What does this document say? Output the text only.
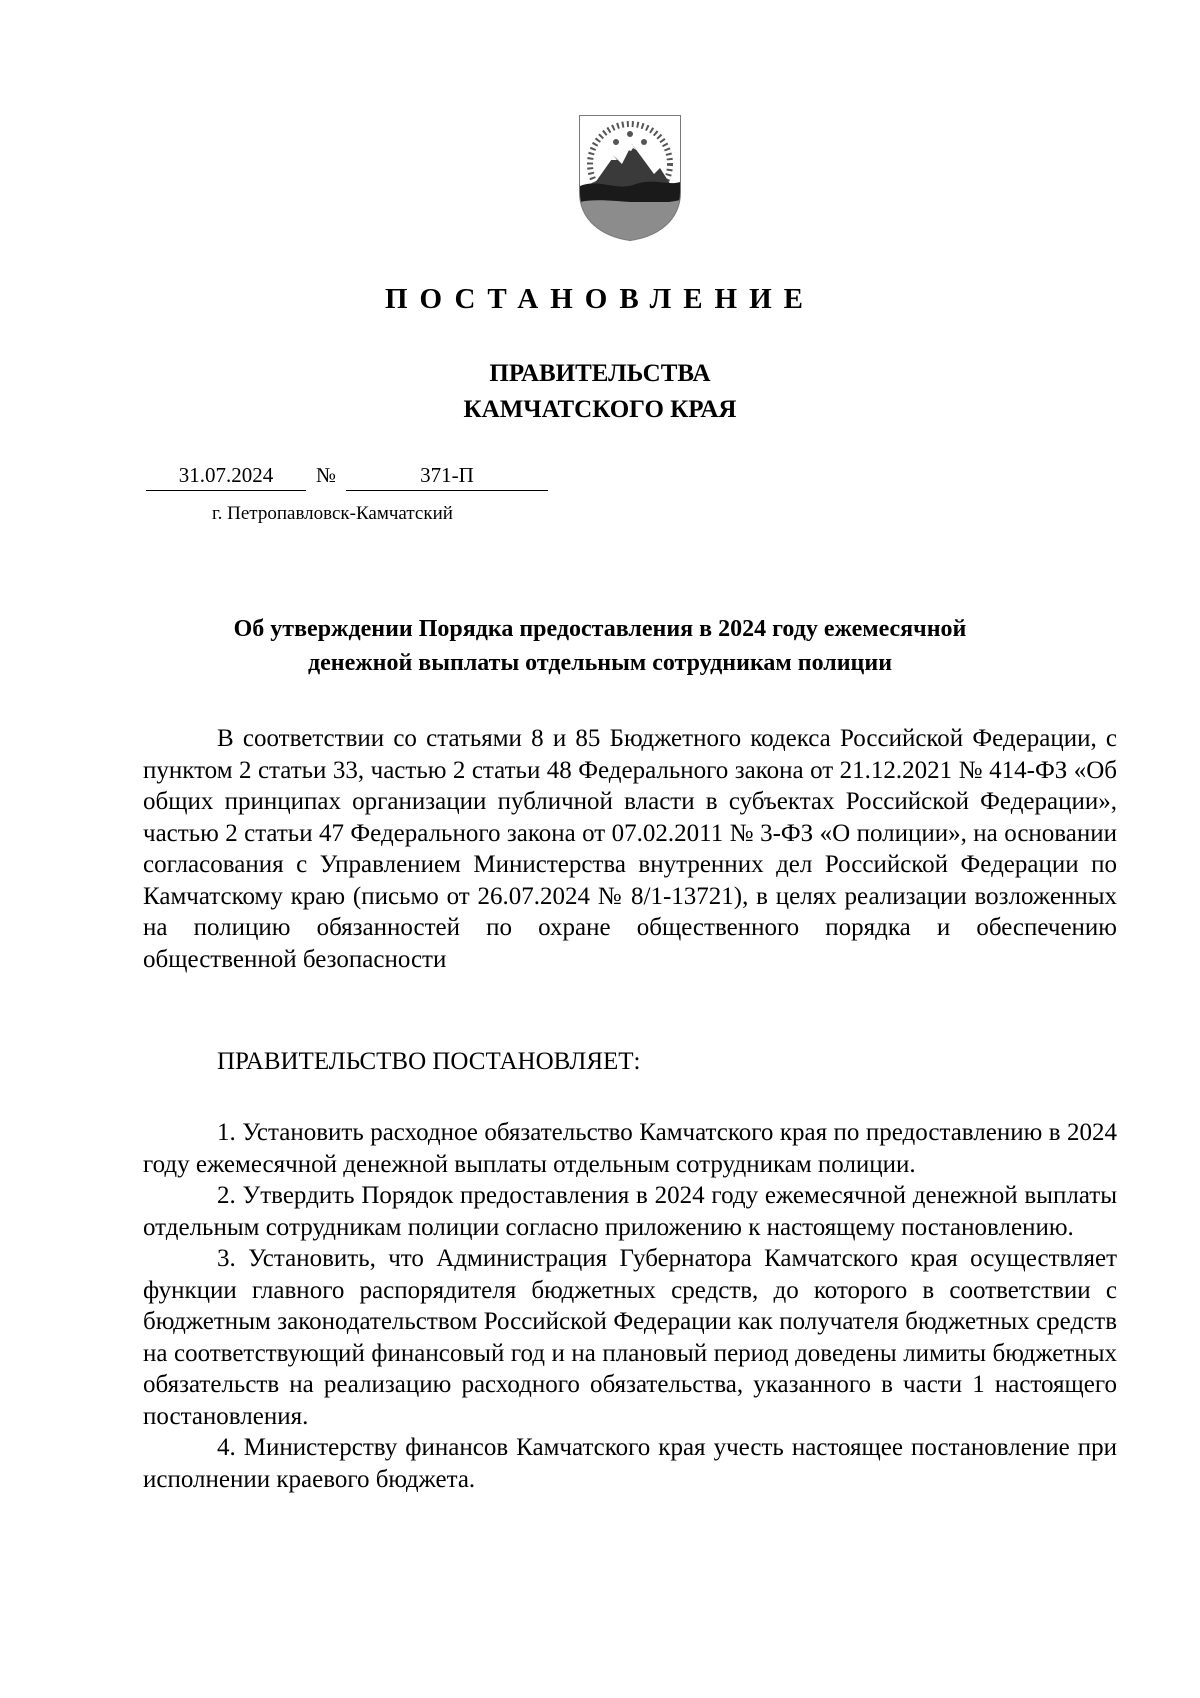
ПОСТАНОВЛЕНИЕ
ПРАВИТЕЛЬСТВА
КАМЧАТСКОГО КРАЯ
31.07.2024	№	371-П
г. Петропавловск-Камчатский
Об утверждении Порядка предоставления в 2024 году ежемесячной
денежной выплаты отдельным сотрудникам полиции

В соответствии со статьями 8 и 85 Бюджетного кодекса Российской Федерации, с пунктом 2 статьи 33, частью 2 статьи 48 Федерального закона от 21.12.2021 № 414-ФЗ «Об общих принципах организации публичной власти в субъектах Российской Федерации», частью 2 статьи 47 Федерального закона от 07.02.2011 № 3-ФЗ «О полиции», на основании согласования с Управлением Министерства внутренних дел Российской Федерации по Камчатскому краю (письмо от 26.07.2024 № 8/1-13721), в целях реализации возложенных на полицию обязанностей по охране общественного порядка и обеспечению общественной безопасности

ПРАВИТЕЛЬСТВО ПОСТАНОВЛЯЕТ:

1. Установить расходное обязательство Камчатского края по предоставлению в 2024 году ежемесячной денежной выплаты отдельным сотрудникам полиции.

2. Утвердить Порядок предоставления в 2024 году ежемесячной денежной выплаты отдельным сотрудникам полиции согласно приложению к настоящему постановлению.

3. Установить, что Администрация Губернатора Камчатского края осуществляет функции главного распорядителя бюджетных средств, до которого в соответствии с бюджетным законодательством Российской Федерации как получателя бюджетных средств на соответствующий финансовый год и на плановый период доведены лимиты бюджетных обязательств на реализацию расходного обязательства, указанного в части 1 настоящего постановления.

4. Министерству финансов Камчатского края учесть настоящее постановление при исполнении краевого бюджета.
